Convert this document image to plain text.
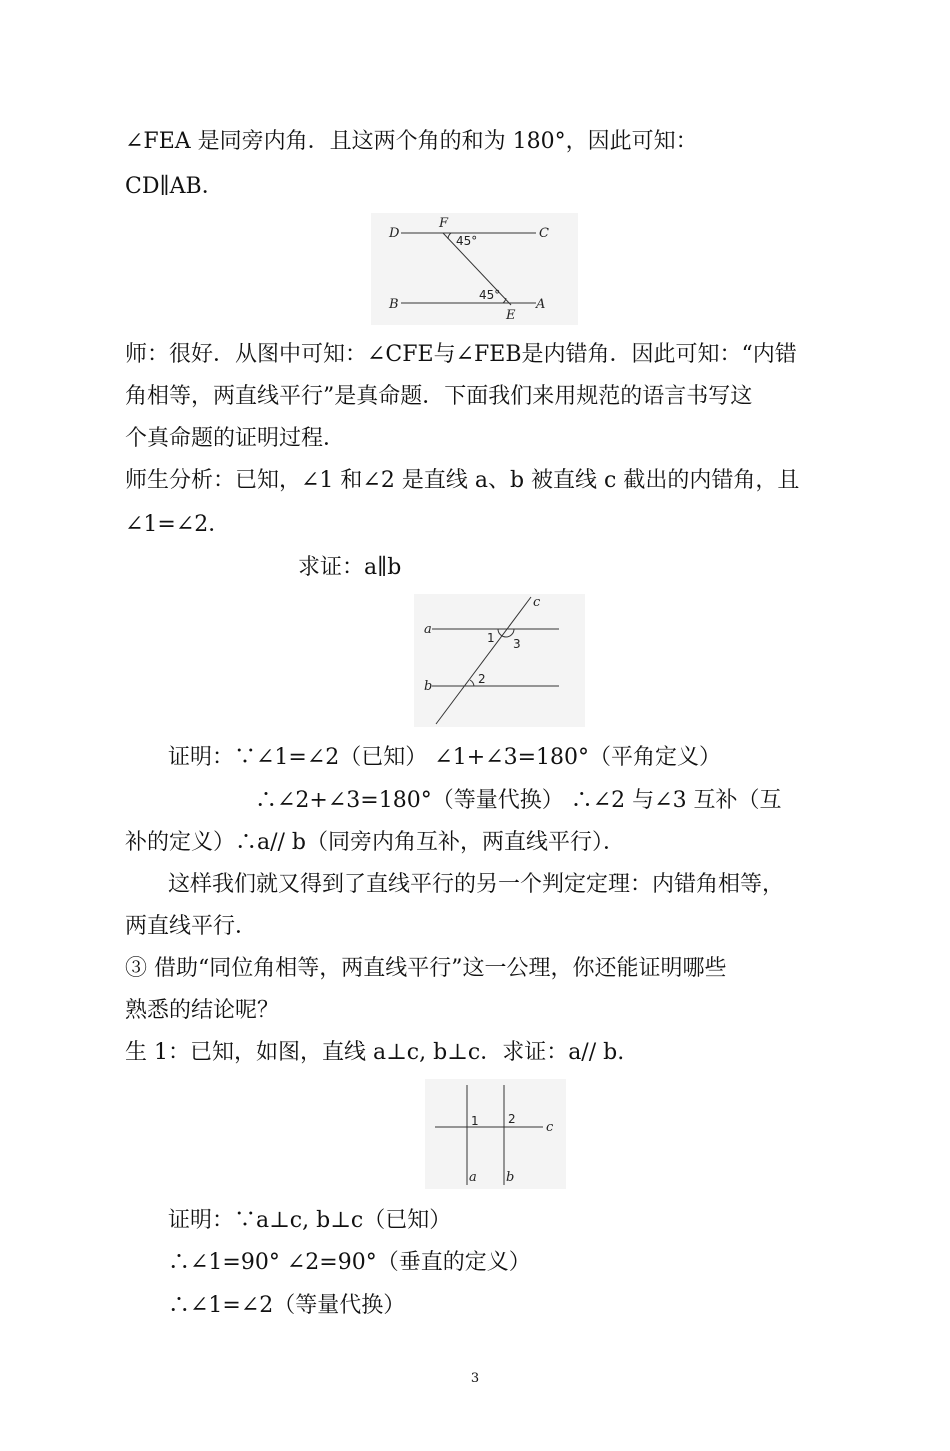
∠FEA 是同旁内角．且这两个角的和为 180°，因此可知：
CD∥AB．
D
F
C
B
E
A
45°
45°
师：很好．从图中可知：∠CFE与∠FEB是内错角．因此可知：“内错
角相等，两直线平行”是真命题．下面我们来用规范的语言书写这
个真命题的证明过程．
师生分析：已知，∠1 和∠2 是直线 a、b 被直线 c 截出的内错角，且
∠1=∠2．
求证：a∥b
a
b
c
1 3
2
证明：∵∠1=∠2（已知） ∠1+∠3=180°（平角定义）
∴∠2+∠3=180°（等量代换） ∴∠2 与∠3 互补（互
补的定义）∴a// b（同旁内角互补，两直线平行）．
这样我们就又得到了直线平行的另一个判定定理：内错角相等，
两直线平行．
③ 借助“同位角相等，两直线平行”这一公理，你还能证明哪些
熟悉的结论呢？
生 1：已知，如图，直线 a⊥c, b⊥c．求证：a// b.
a b
c
1 2
证明：∵a⊥c, b⊥c（已知）
∴∠1=90° ∠2=90°（垂直的定义）
∴∠1=∠2（等量代换）
3
